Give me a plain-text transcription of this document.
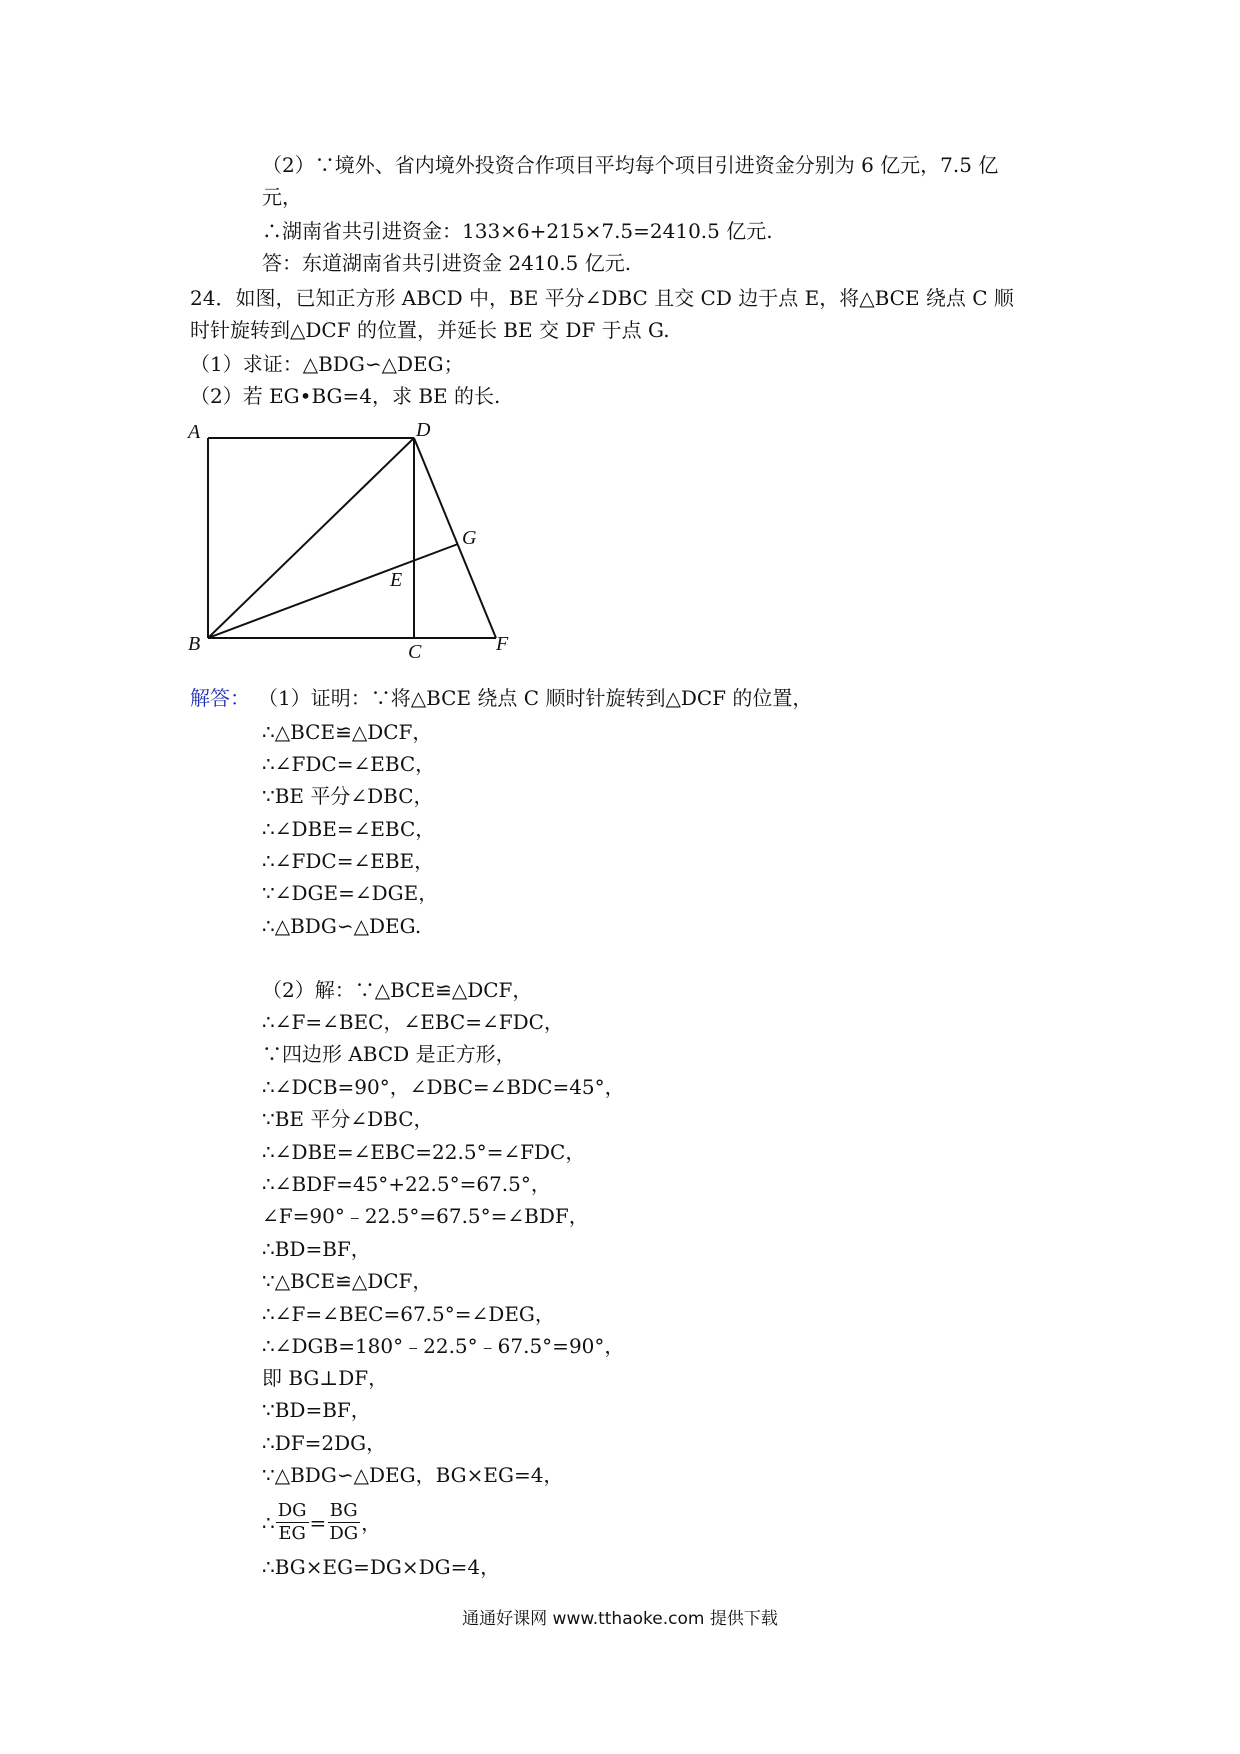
（2）∵境外、省内境外投资合作项目平均每个项目引进资金分别为 6 亿元，7.5 亿
元，
∴湖南省共引进资金：133×6+215×7.5=2410.5 亿元.
答：东道湖南省共引进资金 2410.5 亿元.
24．如图，已知正方形 ABCD 中，BE 平分∠DBC 且交 CD 边于点 E，将△BCE 绕点 C 顺
时针旋转到△DCF 的位置，并延长 BE 交 DF 于点 G.
（1）求证：△BDG∽△DEG；
（2）若 EG•BG=4，求 BE 的长.
A	D
G
E
B	C	F
解答： （1）证明：∵将△BCE 绕点 C 顺时针旋转到△DCF 的位置，
∴△BCE≌△DCF，
∴∠FDC=∠EBC，
∵BE 平分∠DBC，
∴∠DBE=∠EBC，
∴∠FDC=∠EBE，
∵∠DGE=∠DGE，
∴△BDG∽△DEG.
（2）解：∵△BCE≌△DCF，
∴∠F=∠BEC，∠EBC=∠FDC，
∵四边形 ABCD 是正方形，
∴∠DCB=90°，∠DBC=∠BDC=45°，
∵BE 平分∠DBC，
∴∠DBE=∠EBC=22.5°=∠FDC，
∴∠BDF=45°+22.5°=67.5°，
∠F=90°﹣22.5°=67.5°=∠BDF，
∴BD=BF，
∵△BCE≌△DCF，
∴∠F=∠BEC=67.5°=∠DEG，
∴∠DGB=180°﹣22.5°﹣67.5°=90°，
即 BG⊥DF，
∵BD=BF，
∴DF=2DG，
∵△BDG∽△DEG，BG×EG=4，
∴ $\frac{DG}{EG} = \frac{BG}{DG}$ ，
∴BG×EG=DG×DG=4，
通通好课网 www.tthaoke.com 提供下载
